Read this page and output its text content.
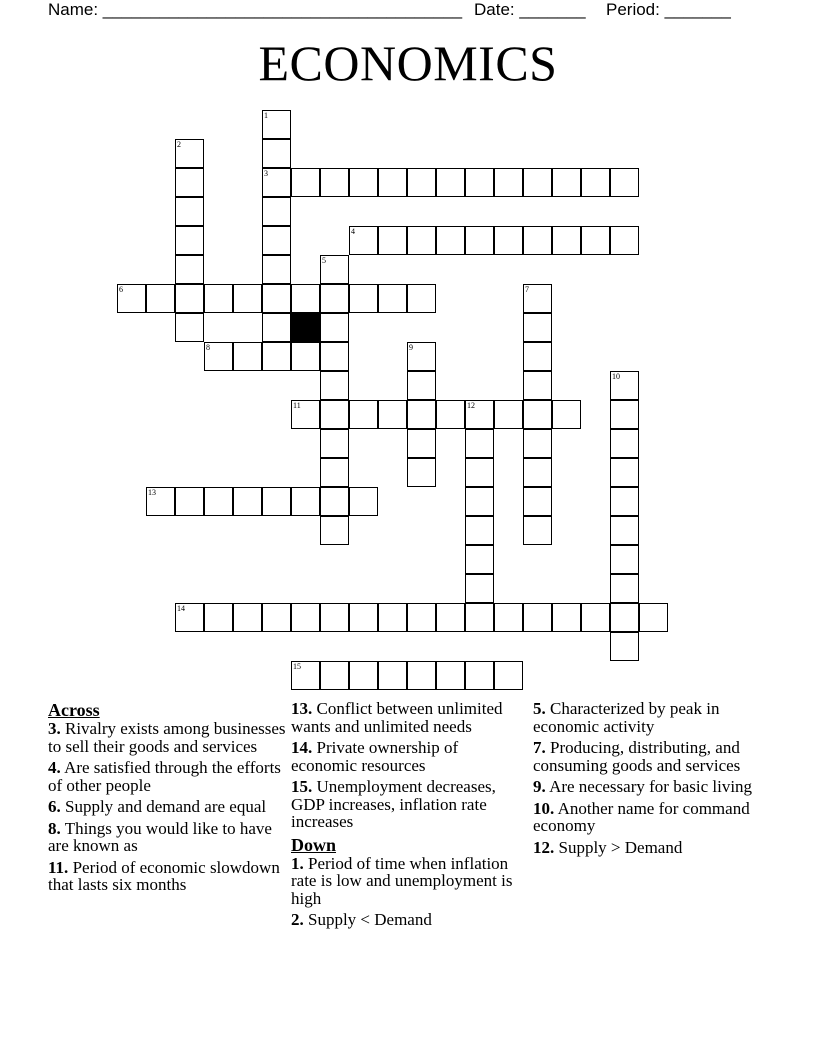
Name: ______________________________________ Date: _______ Period: _______
ECONOMICS
1
2
3
4
5
6	7
8	9
10
11	12
13
14
15
Across
3. Rivalry exists among businesses to sell their goods and services
4. Are satisfied through the efforts of other people
6. Supply and demand are equal
8. Things you would like to have are known as
11. Period of economic slowdown that lasts six months
13. Conflict between unlimited wants and unlimited needs
14. Private ownership of economic resources
15. Unemployment decreases, GDP increases, inflation rate increases
Down
1. Period of time when inflation rate is low and unemployment is high
2. Supply < Demand
5. Characterized by peak in economic activity
7. Producing, distributing, and consuming goods and services
9. Are necessary for basic living
10. Another name for command economy
12. Supply > Demand
